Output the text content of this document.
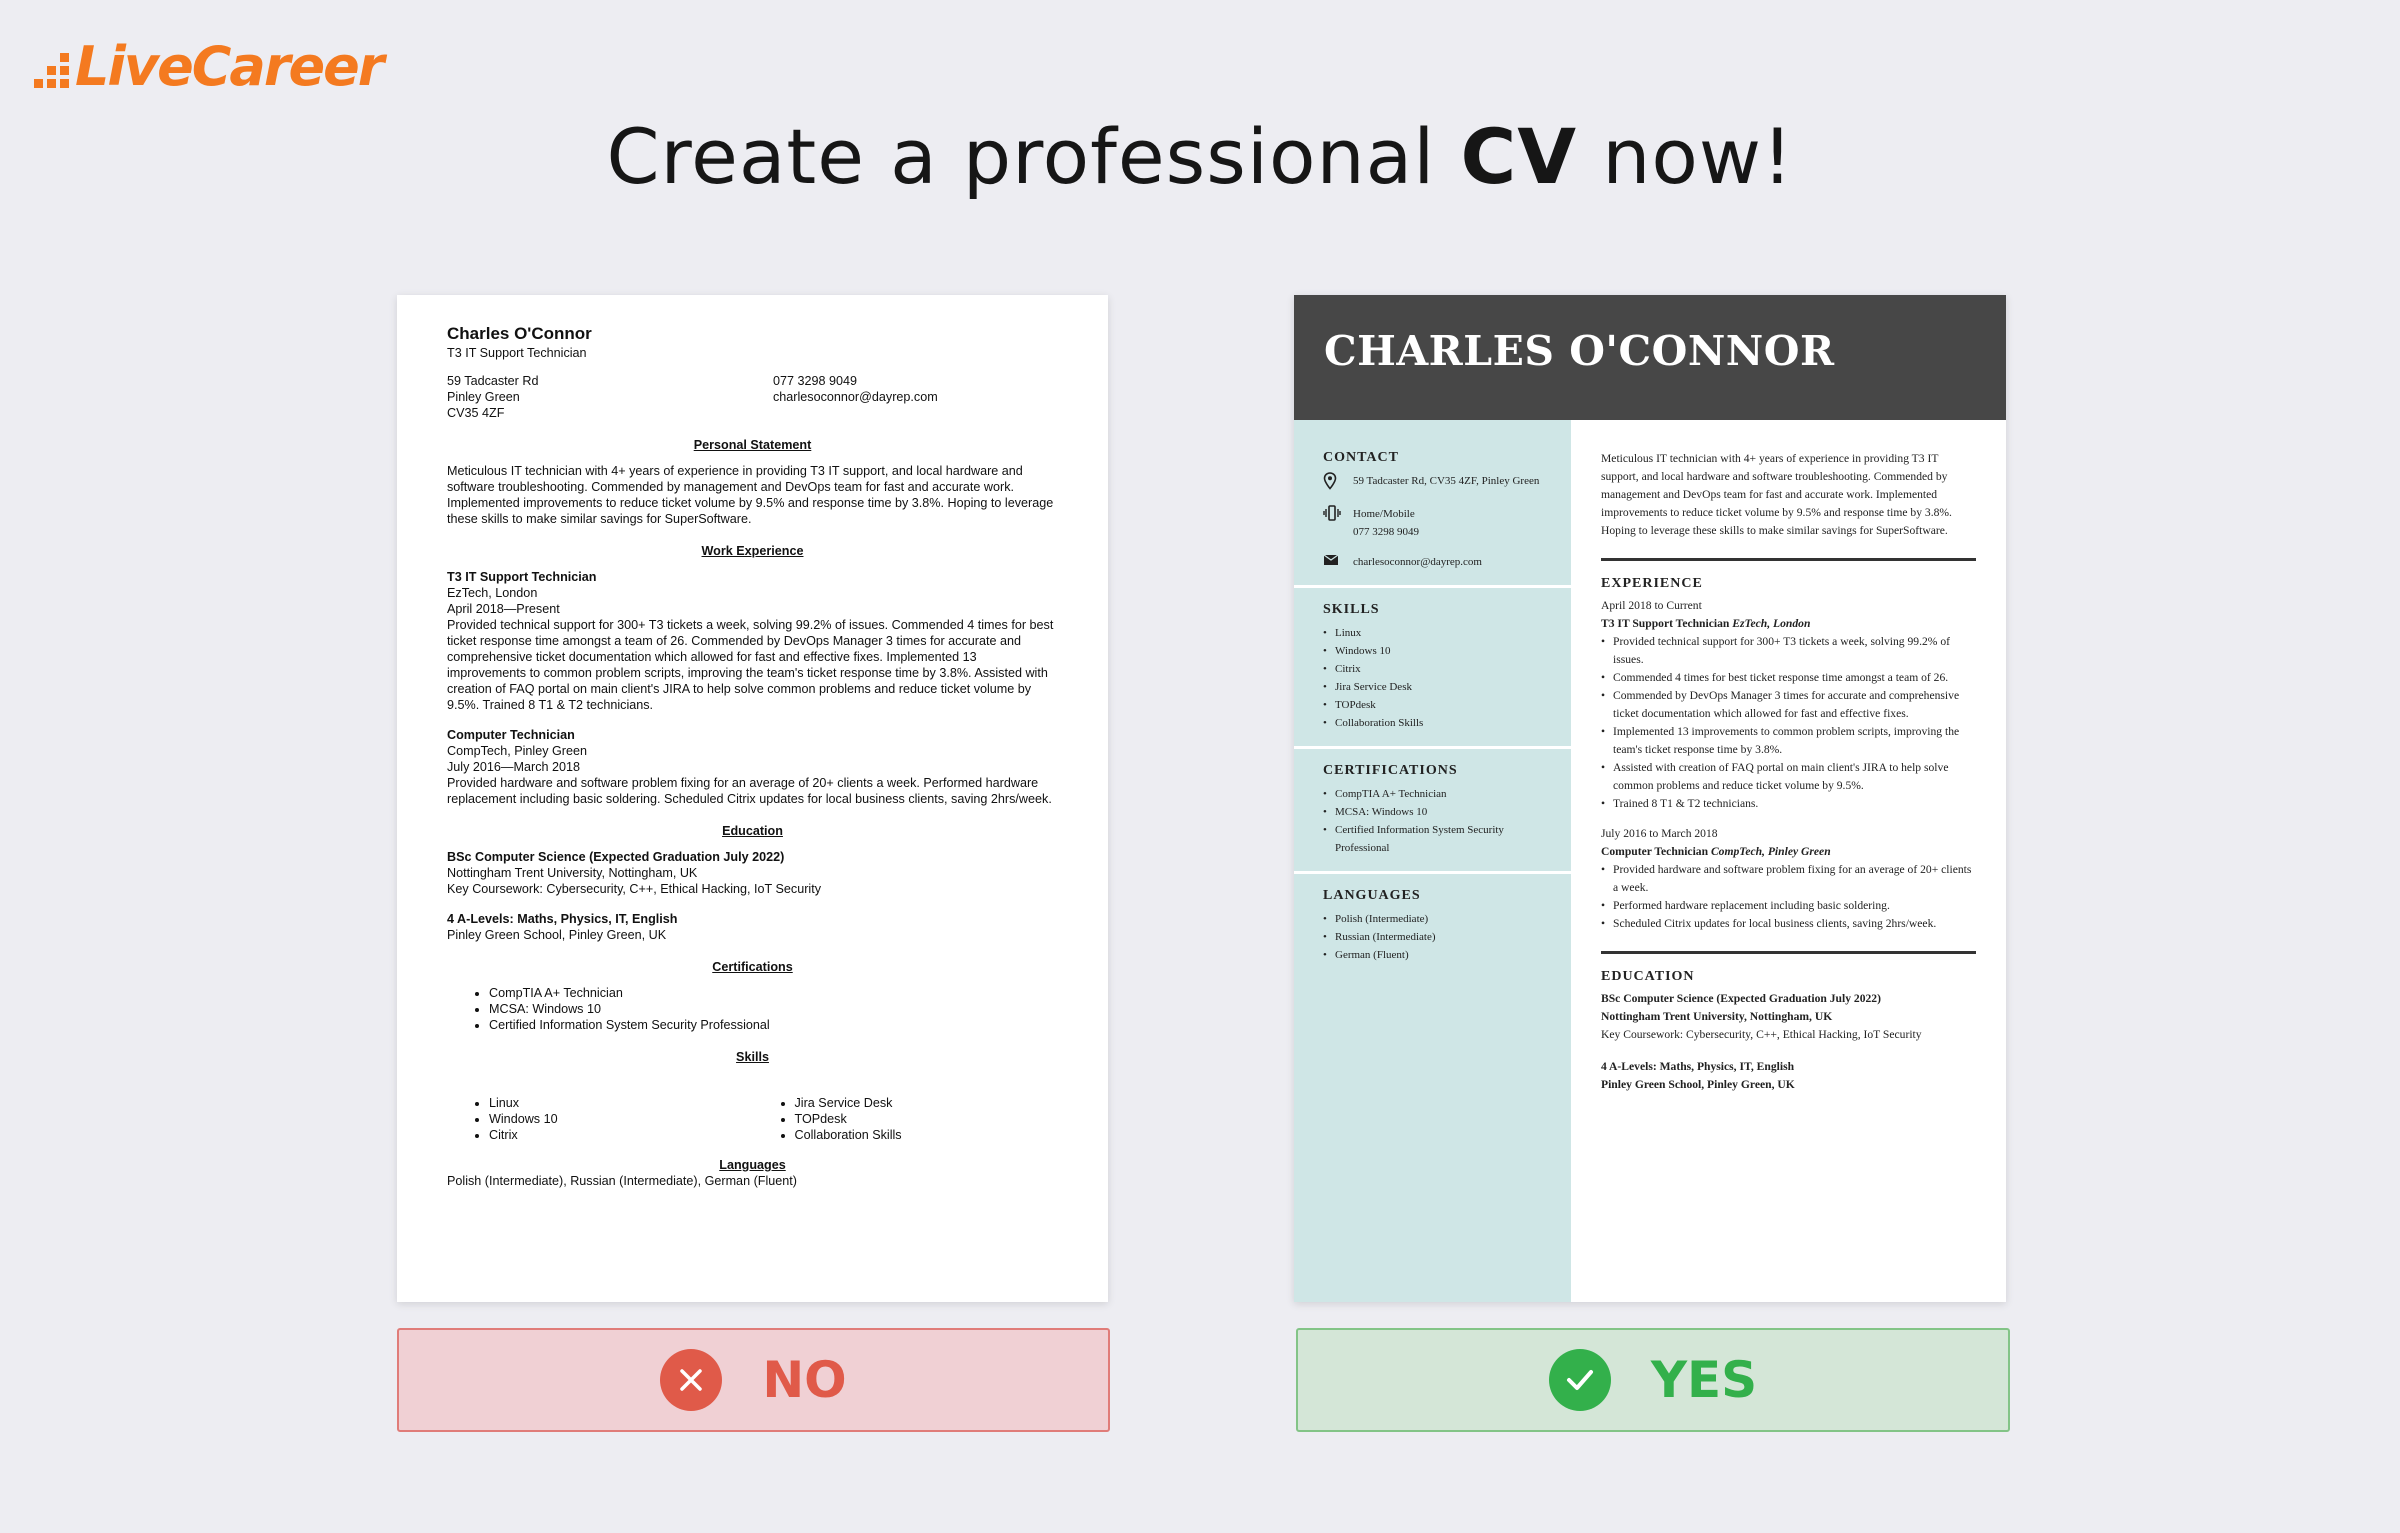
LiveCareer
Create a professional CV now!
Charles O'Connor
T3 IT Support Technician
59 Tadcaster Rd
Pinley Green
CV35 4ZF
077 3298 9049
charlesoconnor@dayrep.com
Personal Statement
Meticulous IT technician with 4+ years of experience in providing T3 IT support, and local hardware and software troubleshooting. Commended by management and DevOps team for fast and accurate work. Implemented improvements to reduce ticket volume by 9.5% and response time by 3.8%. Hoping to leverage these skills to make similar savings for SuperSoftware.
Work Experience
T3 IT Support Technician
EzTech, London
April 2018—Present
Provided technical support for 300+ T3 tickets a week, solving 99.2% of issues. Commended 4 times for best ticket response time amongst a team of 26. Commended by DevOps Manager 3 times for accurate and comprehensive ticket documentation which allowed for fast and effective fixes. Implemented 13 improvements to common problem scripts, improving the team's ticket response time by 3.8%. Assisted with creation of FAQ portal on main client's JIRA to help solve common problems and reduce ticket volume by 9.5%. Trained 8 T1 & T2 technicians.
Computer Technician
CompTech, Pinley Green
July 2016—March 2018
Provided hardware and software problem fixing for an average of 20+ clients a week. Performed hardware replacement including basic soldering. Scheduled Citrix updates for local business clients, saving 2hrs/week.
Education
BSc Computer Science (Expected Graduation July 2022)
Nottingham Trent University, Nottingham, UK
Key Coursework: Cybersecurity, C++, Ethical Hacking, IoT Security
4 A-Levels: Maths, Physics, IT, English
Pinley Green School, Pinley Green, UK
Certifications
• CompTIA A+ Technician
• MCSA: Windows 10
• Certified Information System Security Professional
Skills
• Linux
• Windows 10
• Citrix
• Jira Service Desk
• TOPdesk
• Collaboration Skills
Languages
Polish (Intermediate), Russian (Intermediate), German (Fluent)
CHARLES O'CONNOR
CONTACT
59 Tadcaster Rd, CV35 4ZF, Pinley Green
Home/Mobile
077 3298 9049
charlesoconnor@dayrep.com
SKILLS
• Linux
• Windows 10
• Citrix
• Jira Service Desk
• TOPdesk
• Collaboration Skills
CERTIFICATIONS
• CompTIA A+ Technician
• MCSA: Windows 10
• Certified Information System Security Professional
LANGUAGES
• Polish (Intermediate)
• Russian (Intermediate)
• German (Fluent)
Meticulous IT technician with 4+ years of experience in providing T3 IT support, and local hardware and software troubleshooting. Commended by management and DevOps team for fast and accurate work. Implemented improvements to reduce ticket volume by 9.5% and response time by 3.8%. Hoping to leverage these skills to make similar savings for SuperSoftware.
EXPERIENCE
April 2018 to Current
T3 IT Support Technician EzTech, London
• Provided technical support for 300+ T3 tickets a week, solving 99.2% of issues.
• Commended 4 times for best ticket response time amongst a team of 26.
• Commended by DevOps Manager 3 times for accurate and comprehensive ticket documentation which allowed for fast and effective fixes.
• Implemented 13 improvements to common problem scripts, improving the team's ticket response time by 3.8%.
• Assisted with creation of FAQ portal on main client's JIRA to help solve common problems and reduce ticket volume by 9.5%.
• Trained 8 T1 & T2 technicians.
July 2016 to March 2018
Computer Technician CompTech, Pinley Green
• Provided hardware and software problem fixing for an average of 20+ clients a week.
• Performed hardware replacement including basic soldering.
• Scheduled Citrix updates for local business clients, saving 2hrs/week.
EDUCATION
BSc Computer Science (Expected Graduation July 2022)
Nottingham Trent University, Nottingham, UK
Key Coursework: Cybersecurity, C++, Ethical Hacking, IoT Security
4 A-Levels: Maths, Physics, IT, English
Pinley Green School, Pinley Green, UK
NO	YES
